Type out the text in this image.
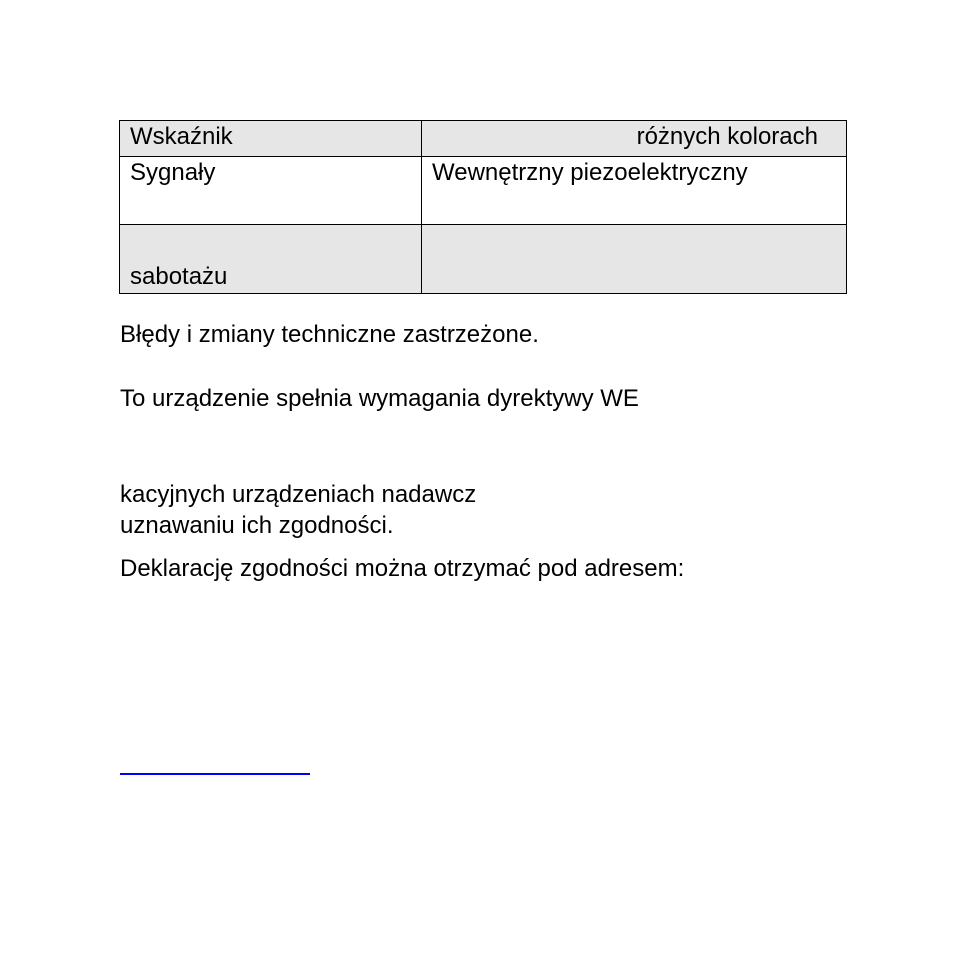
Wskaźnik	różnych kolorach
Sygnały	Wewnętrzny piezoelektryczny
sabotażu	
Błędy i zmiany techniczne zastrzeżone.
To urządzenie spełnia wymagania dyrektywy WE
kacyjnych urządzeniach nadawcz
uznawaniu ich zgodności.
Deklarację zgodności można otrzymać pod adresem:
